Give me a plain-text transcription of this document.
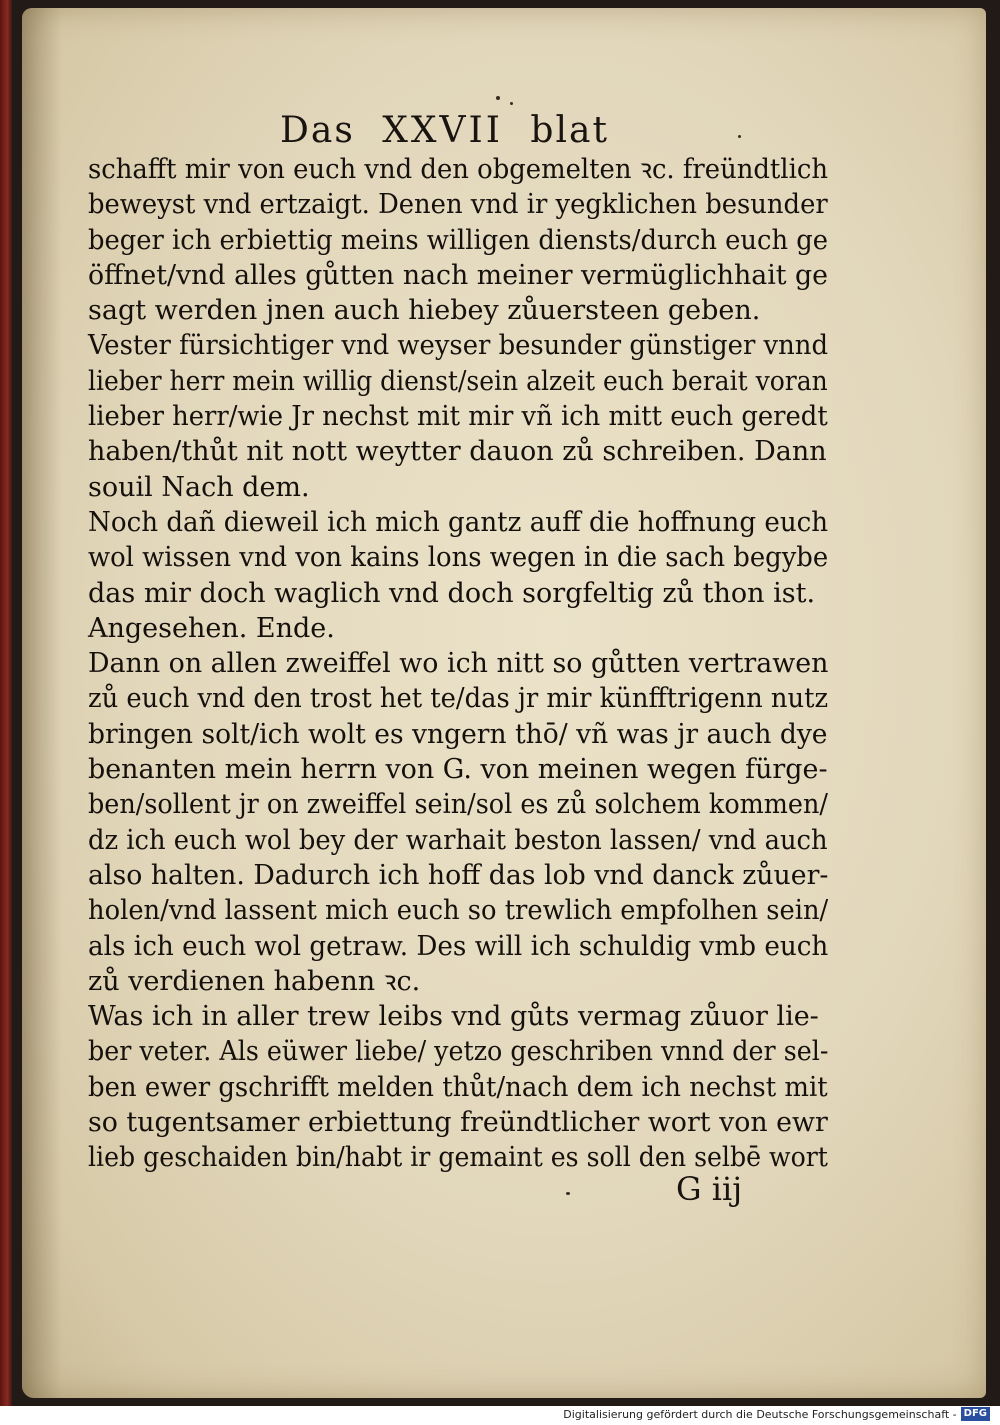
Das XXVII blat
schafft mir von euch vnd den obgemelten ꝛc. freündtlich
beweyst vnd ertzaigt. Denen vnd ir yegklichen besunder
beger ich erbiettig meins willigen diensts/durch euch ge
öffnet/vnd alles gůtten nach meiner vermüglichhait ge
sagt werden jnen auch hiebey zůuersteen geben.
Vester fürsichtiger vnd weyser besunder günstiger vnnd
lieber herr mein willig dienst/sein alzeit euch berait voran
lieber herr/wie Jr nechst mit mir vñ ich mitt euch geredt
haben/thůt nit nott weytter dauon zů schreiben. Dann
souil Nach dem.
Noch dañ dieweil ich mich gantz auff die hoffnung euch
wol wissen vnd von kains lons wegen in die sach begybe
das mir doch waglich vnd doch sorgfeltig zů thon ist.
Angesehen. Ende.
Dann on allen zweiffel wo ich nitt so gůtten vertrawen
zů euch vnd den trost het te/das jr mir künfftrigenn nutz
bringen solt/ich wolt es vngern thō/ vñ was jr auch dye
benanten mein herrn von G. von meinen wegen fürge-
ben/sollent jr on zweiffel sein/sol es zů solchem kommen/
dz ich euch wol bey der warhait beston lassen/ vnd auch
also halten. Dadurch ich hoff das lob vnd danck zůuer-
holen/vnd lassent mich euch so trewlich empfolhen sein/
als ich euch wol getraw. Des will ich schuldig vmb euch
zů verdienen habenn ꝛc.
Was ich in aller trew leibs vnd gůts vermag zůuor lie-
ber veter. Als eüwer liebe/ yetzo geschriben vnnd der sel-
ben ewer gschrifft melden thůt/nach dem ich nechst mit
so tugentsamer erbiettung freündtlicher wort von ewr
lieb geschaiden bin/habt ir gemaint es soll den selbē wort
G iij
Digitalisierung gefördert durch die Deutsche Forschungsgemeinschaft - DFG
